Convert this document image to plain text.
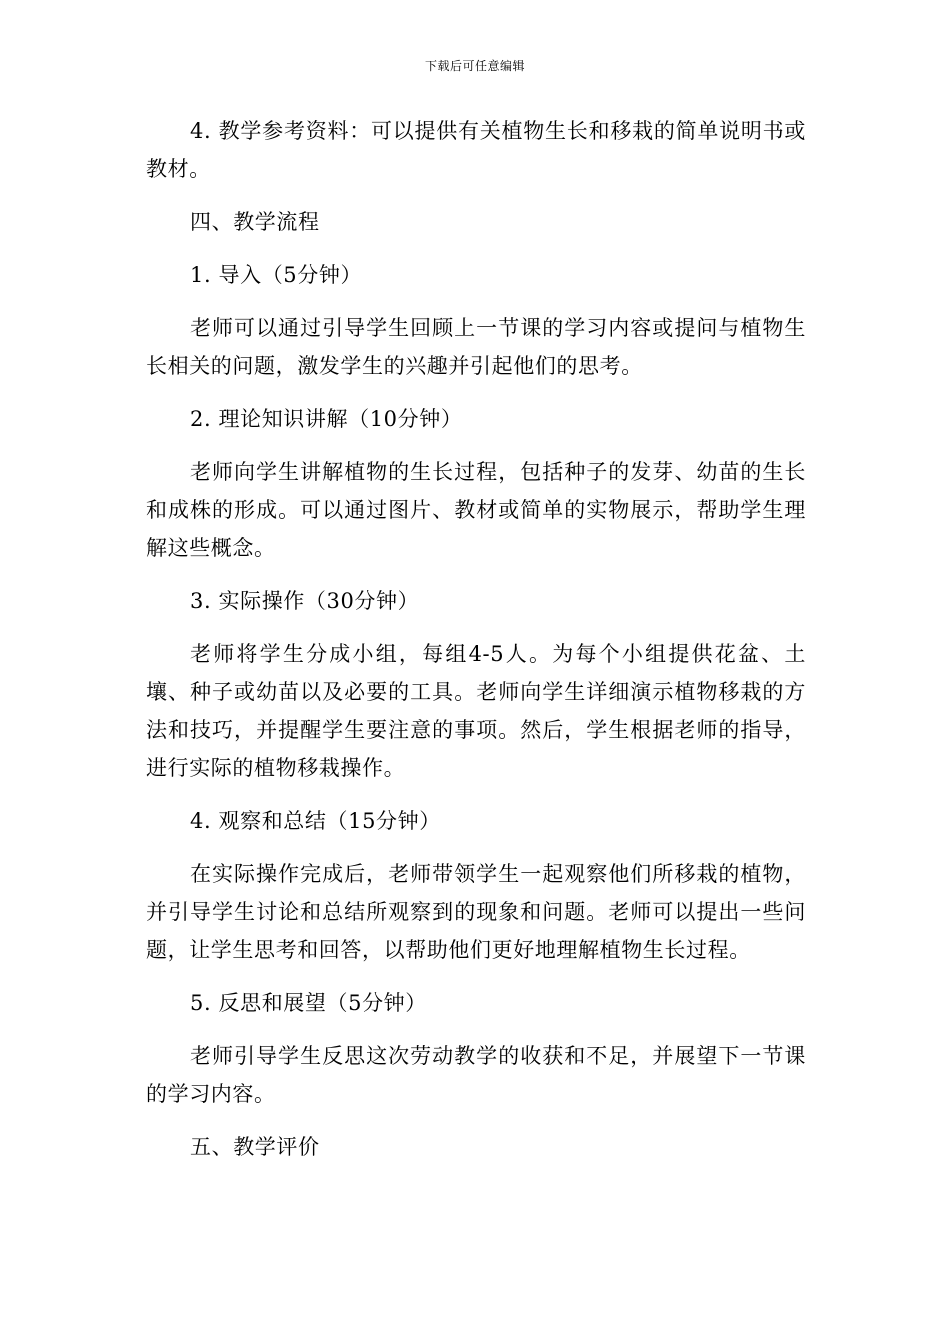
下载后可任意编辑

4. 教学参考资料：可以提供有关植物生长和移栽的简单说明书或教材。

四、教学流程

1. 导入（5分钟）

老师可以通过引导学生回顾上一节课的学习内容或提问与植物生长相关的问题，激发学生的兴趣并引起他们的思考。

2. 理论知识讲解（10分钟）

老师向学生讲解植物的生长过程，包括种子的发芽、幼苗的生长和成株的形成。可以通过图片、教材或简单的实物展示，帮助学生理解这些概念。

3. 实际操作（30分钟）

老师将学生分成小组，每组4-5人。为每个小组提供花盆、土壤、种子或幼苗以及必要的工具。老师向学生详细演示植物移栽的方法和技巧，并提醒学生要注意的事项。然后，学生根据老师的指导，进行实际的植物移栽操作。

4. 观察和总结（15分钟）

在实际操作完成后，老师带领学生一起观察他们所移栽的植物，并引导学生讨论和总结所观察到的现象和问题。老师可以提出一些问题，让学生思考和回答，以帮助他们更好地理解植物生长过程。

5. 反思和展望（5分钟）

老师引导学生反思这次劳动教学的收获和不足，并展望下一节课的学习内容。

五、教学评价
